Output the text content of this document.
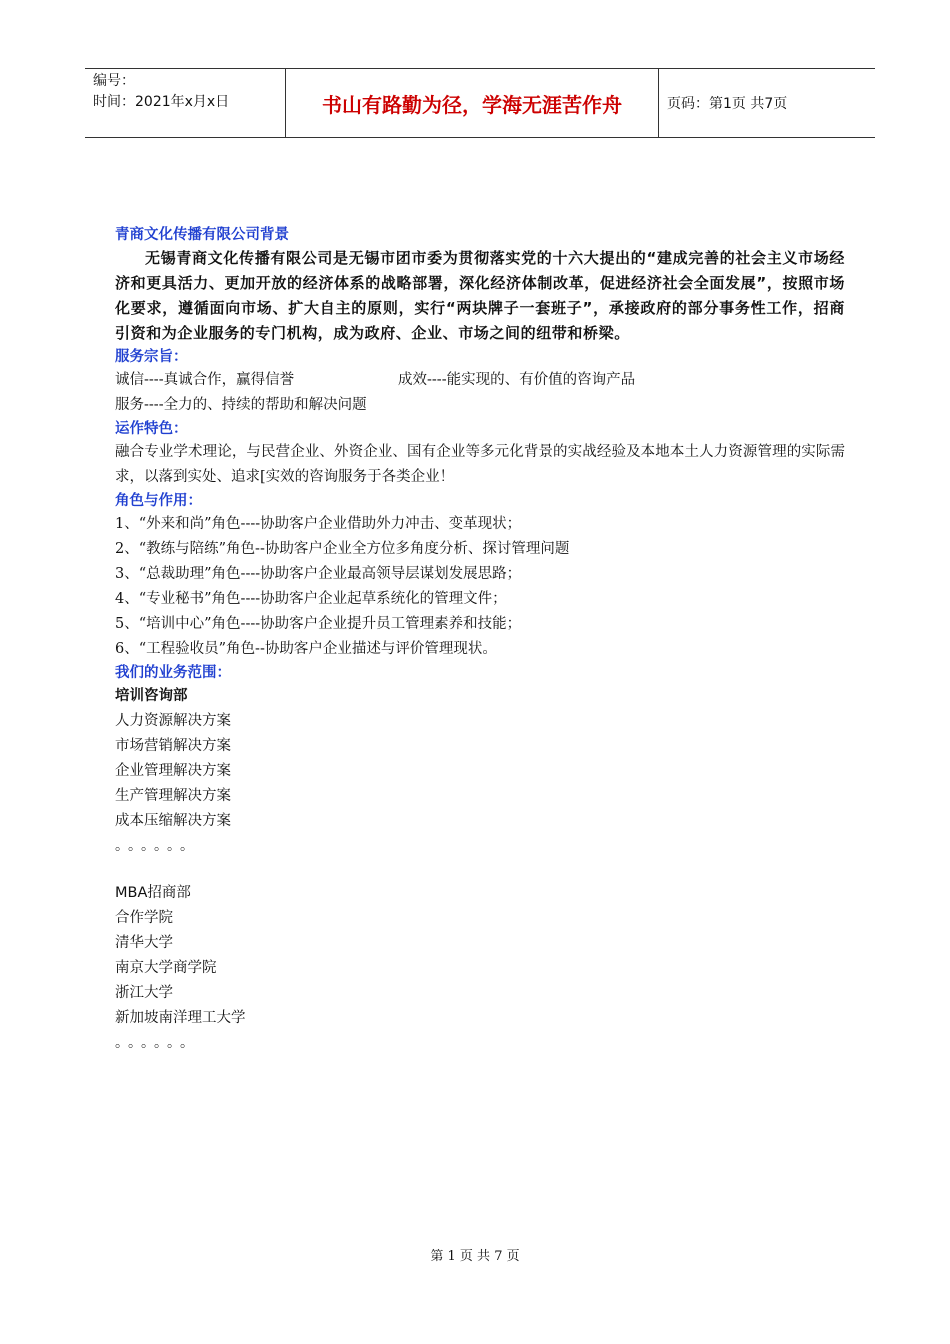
编号：
时间：2021年x月x日	书山有路勤为径，学海无涯苦作舟	页码：第1页 共7页

青商文化传播有限公司背景

无锡青商文化传播有限公司是无锡市团市委为贯彻落实党的十六大提出的“建成完善的社会主义市场经济和更具活力、更加开放的经济体系的战略部署，深化经济体制改革，促进经济社会全面发展”，按照市场化要求，遵循面向市场、扩大自主的原则，实行“两块牌子一套班子”，承接政府的部分事务性工作，招商引资和为企业服务的专门机构，成为政府、企业、市场之间的纽带和桥梁。

服务宗旨：

诚信----真诚合作，赢得信誉	成效----能实现的、有价值的咨询产品

服务----全力的、持续的帮助和解决问题

运作特色：

融合专业学术理论，与民营企业、外资企业、国有企业等多元化背景的实战经验及本地本土人力资源管理的实际需求，以落到实处、追求[实效的咨询服务于各类企业！

角色与作用：

1、“外来和尚”角色----协助客户企业借助外力冲击、变革现状；

2、“教练与陪练”角色--协助客户企业全方位多角度分析、探讨管理问题

3、“总裁助理”角色----协助客户企业最高领导层谋划发展思路；

4、“专业秘书”角色----协助客户企业起草系统化的管理文件；

5、“培训中心”角色----协助客户企业提升员工管理素养和技能；

6、“工程验收员”角色--协助客户企业描述与评价管理现状。

我们的业务范围：

培训咨询部

人力资源解决方案

市场营销解决方案

企业管理解决方案

生产管理解决方案

成本压缩解决方案

。。。。。。

MBA招商部

合作学院

清华大学

南京大学商学院

浙江大学

新加坡南洋理工大学

。。。。。。

第 1 页 共 7 页
